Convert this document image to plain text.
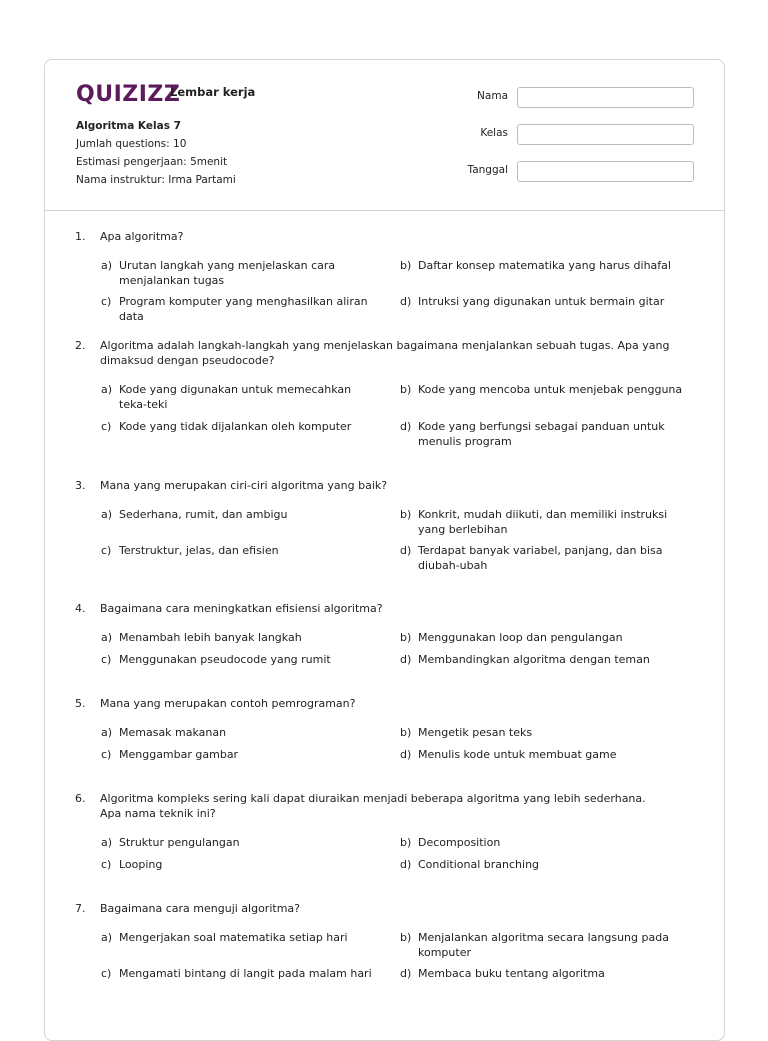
QUIZIZZ
Lembar kerja
Algoritma Kelas 7
Jumlah questions: 10
Estimasi pengerjaan: 5menit
Nama instruktur: Irma Partami
Nama
Kelas
Tanggal
1.	Apa algoritma?
a) Urutan langkah yang menjelaskan cara menjalankan tugas
b) Daftar konsep matematika yang harus dihafal
c) Program komputer yang menghasilkan aliran data
d) Intruksi yang digunakan untuk bermain gitar
2.	Algoritma adalah langkah-langkah yang menjelaskan bagaimana menjalankan sebuah tugas. Apa yang dimaksud dengan pseudocode?
a) Kode yang digunakan untuk memecahkan teka-teki
b) Kode yang mencoba untuk menjebak pengguna
c) Kode yang tidak dijalankan oleh komputer	d) Kode yang berfungsi sebagai panduan untuk menulis program
3.	Mana yang merupakan ciri-ciri algoritma yang baik?
a) Sederhana, rumit, dan ambigu	b) Konkrit, mudah diikuti, dan memiliki instruksi yang berlebihan
c) Terstruktur, jelas, dan efisien	d) Terdapat banyak variabel, panjang, dan bisa diubah-ubah
4.	Bagaimana cara meningkatkan efisiensi algoritma?
a) Menambah lebih banyak langkah	b) Menggunakan loop dan pengulangan
c) Menggunakan pseudocode yang rumit	d) Membandingkan algoritma dengan teman
5.	Mana yang merupakan contoh pemrograman?
a) Memasak makanan	b) Mengetik pesan teks
c) Menggambar gambar	d) Menulis kode untuk membuat game
6.	Algoritma kompleks sering kali dapat diuraikan menjadi beberapa algoritma yang lebih sederhana. Apa nama teknik ini?
a) Struktur pengulangan	b) Decomposition
c) Looping	d) Conditional branching
7.	Bagaimana cara menguji algoritma?
a) Mengerjakan soal matematika setiap hari	b) Menjalankan algoritma secara langsung pada komputer
c) Mengamati bintang di langit pada malam hari	d) Membaca buku tentang algoritma
